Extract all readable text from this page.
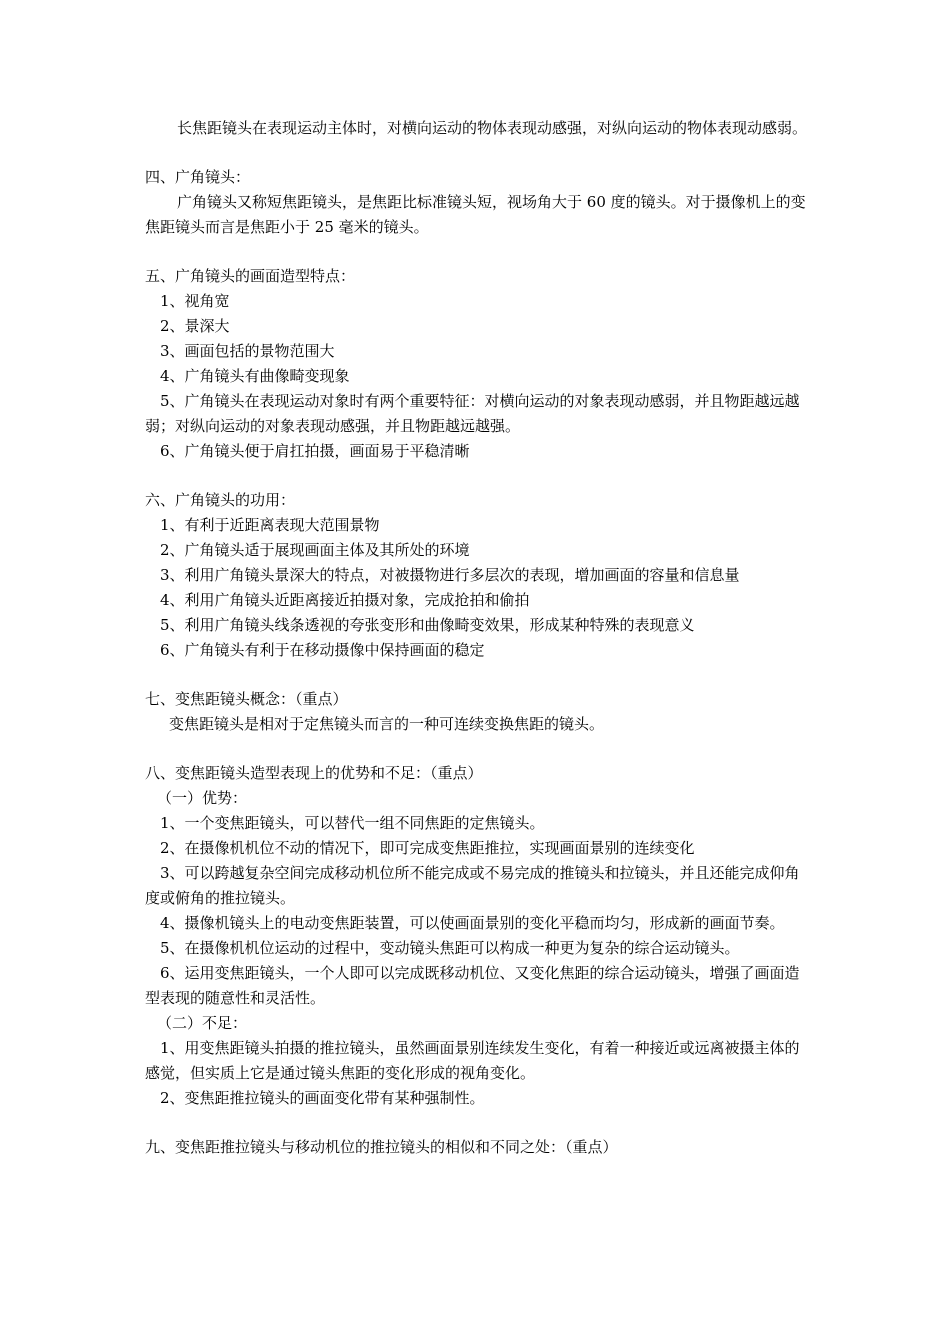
长焦距镜头在表现运动主体时，对横向运动的物体表现动感强，对纵向运动的物体表现动感弱。

四、广角镜头：

广角镜头又称短焦距镜头，是焦距比标准镜头短，视场角大于 60 度的镜头。对于摄像机上的变焦距镜头而言是焦距小于 25 毫米的镜头。

五、广角镜头的画面造型特点：

1、视角宽

2、景深大

3、画面包括的景物范围大

4、广角镜头有曲像畸变现象

5、广角镜头在表现运动对象时有两个重要特征：对横向运动的对象表现动感弱，并且物距越远越弱；对纵向运动的对象表现动感强，并且物距越远越强。

6、广角镜头便于肩扛拍摄，画面易于平稳清晰

六、广角镜头的功用：

1、有利于近距离表现大范围景物

2、广角镜头适于展现画面主体及其所处的环境

3、利用广角镜头景深大的特点，对被摄物进行多层次的表现，增加画面的容量和信息量

4、利用广角镜头近距离接近拍摄对象，完成抢拍和偷拍

5、利用广角镜头线条透视的夸张变形和曲像畸变效果，形成某种特殊的表现意义

6、广角镜头有利于在移动摄像中保持画面的稳定

七、变焦距镜头概念：（重点）

变焦距镜头是相对于定焦镜头而言的一种可连续变换焦距的镜头。

八、变焦距镜头造型表现上的优势和不足：（重点）

（一）优势：

1、一个变焦距镜头，可以替代一组不同焦距的定焦镜头。

2、在摄像机机位不动的情况下，即可完成变焦距推拉，实现画面景别的连续变化

3、可以跨越复杂空间完成移动机位所不能完成或不易完成的推镜头和拉镜头，并且还能完成仰角度或俯角的推拉镜头。

4、摄像机镜头上的电动变焦距装置，可以使画面景别的变化平稳而均匀，形成新的画面节奏。

5、在摄像机机位运动的过程中，变动镜头焦距可以构成一种更为复杂的综合运动镜头。

6、运用变焦距镜头，一个人即可以完成既移动机位、又变化焦距的综合运动镜头，增强了画面造型表现的随意性和灵活性。

（二）不足：

1、用变焦距镜头拍摄的推拉镜头，虽然画面景别连续发生变化，有着一种接近或远离被摄主体的感觉，但实质上它是通过镜头焦距的变化形成的视角变化。

2、变焦距推拉镜头的画面变化带有某种强制性。

九、变焦距推拉镜头与移动机位的推拉镜头的相似和不同之处：（重点）
